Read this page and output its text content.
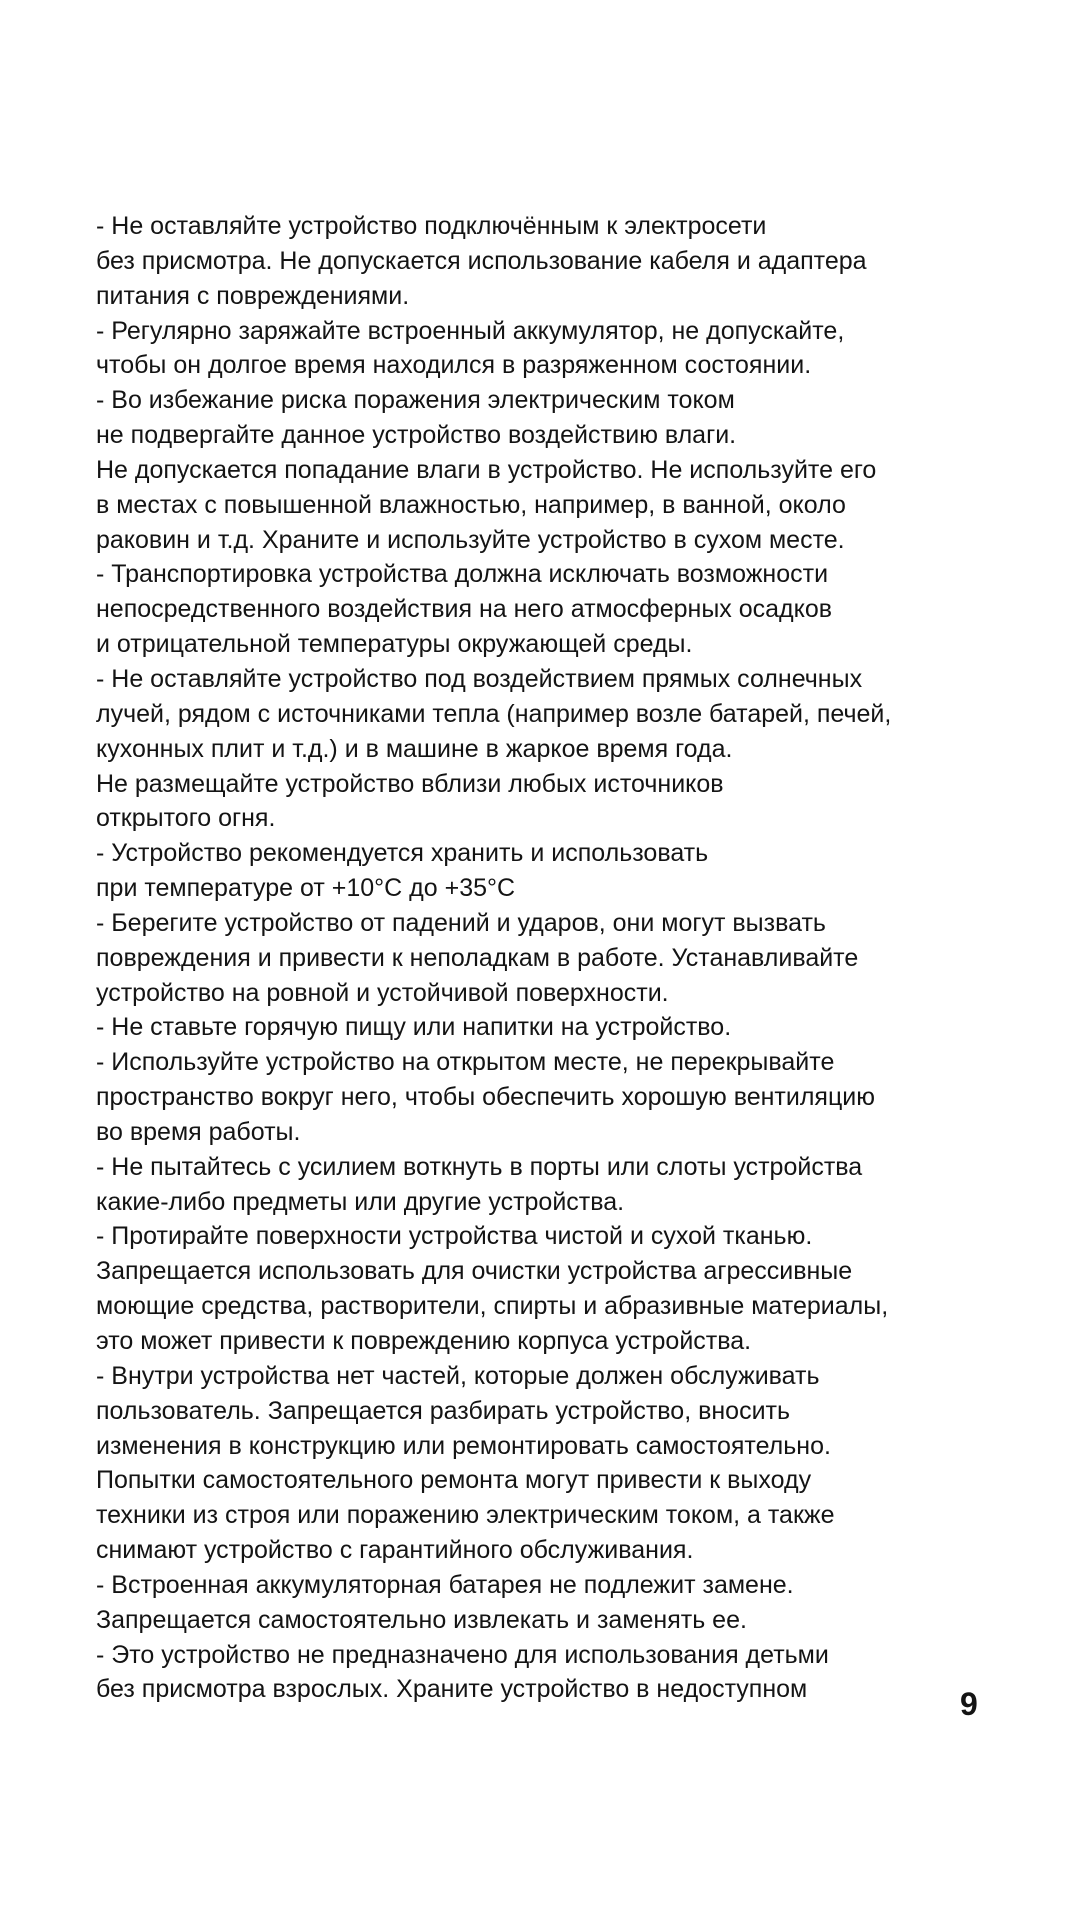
- Не оставляйте устройство подключённым к электросети
без присмотра. Не допускается использование кабеля и адаптера
питания с повреждениями.
- Регулярно заряжайте встроенный аккумулятор, не допускайте,
чтобы он долгое время находился в разряженном состоянии.
- Во избежание риска поражения электрическим током
не подвергайте данное устройство воздействию влаги.
Не допускается попадание влаги в устройство. Не используйте его
в местах с повышенной влажностью, например, в ванной, около
раковин и т.д. Храните и используйте устройство в сухом месте.
- Транспортировка устройства должна исключать возможности
непосредственного воздействия на него атмосферных осадков
и отрицательной температуры окружающей среды.
- Не оставляйте устройство под воздействием прямых солнечных
лучей, рядом с источниками тепла (например возле батарей, печей,
кухонных плит и т.д.) и в машине в жаркое время года.
Не размещайте устройство вблизи любых источников
открытого огня.
- Устройство рекомендуется хранить и использовать
при температуре от +10°С до +35°С
- Берегите устройство от падений и ударов, они могут вызвать
повреждения и привести к неполадкам в работе. Устанавливайте
устройство на ровной и устойчивой поверхности.
- Не ставьте горячую пищу или напитки на устройство.
- Используйте устройство на открытом месте, не перекрывайте
пространство вокруг него, чтобы обеспечить хорошую вентиляцию
во время работы.
- Не пытайтесь с усилием воткнуть в порты или слоты устройства
какие-либо предметы или другие устройства.
- Протирайте поверхности устройства чистой и сухой тканью.
Запрещается использовать для очистки устройства агрессивные
моющие средства, растворители, спирты и абразивные материалы,
это может привести к повреждению корпуса устройства.
- Внутри устройства нет частей, которые должен обслуживать
пользователь. Запрещается разбирать устройство, вносить
изменения в конструкцию или ремонтировать самостоятельно.
Попытки самостоятельного ремонта могут привести к выходу
техники из строя или поражению электрическим током, а также
снимают устройство с гарантийного обслуживания.
- Встроенная аккумуляторная батарея не подлежит замене.
Запрещается самостоятельно извлекать и заменять ее.
- Это устройство не предназначено для использования детьми
без присмотра взрослых. Храните устройство в недоступном	9
